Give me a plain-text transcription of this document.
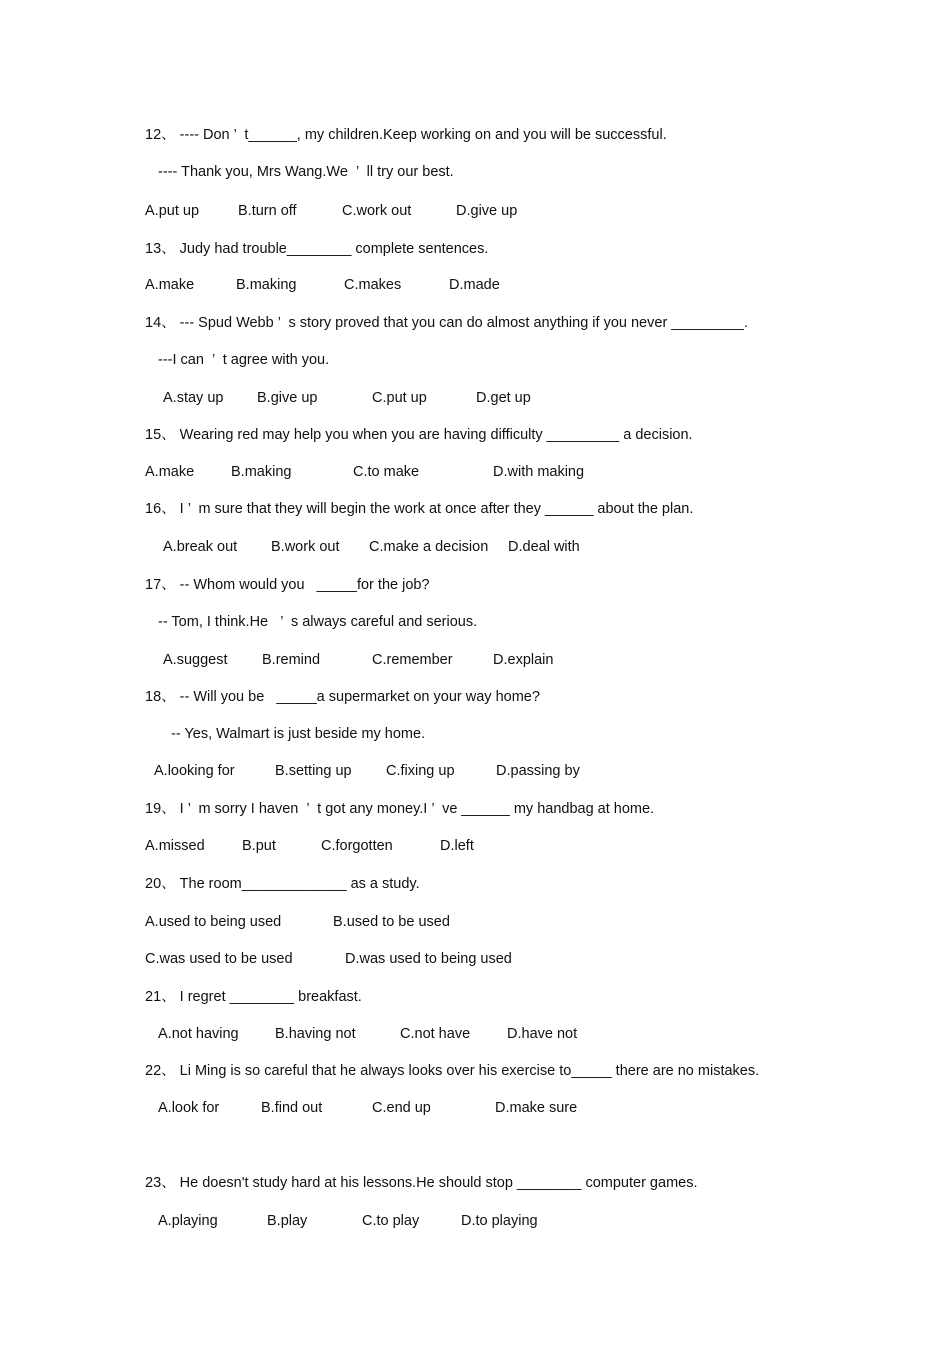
12、 ---- Don ’  t______, my children.Keep working on and you will be successful.
---- Thank you, Mrs Wang.We  ’  ll try our best.
A.put up	B.turn off	C.work out	D.give up
13、 Judy had trouble________ complete sentences.
A.make	B.making	C.makes	D.made
14、 --- Spud Webb ’  s story proved that you can do almost anything if you never _________.
---I can  ’  t agree with you.
A.stay up B.give up	C.put up	D.get up
15、 Wearing red may help you when you are having difficulty _________ a decision.
A.make	B.making	C.to make	D.with making
16、 I ’  m sure that they will begin the work at once after they ______ about the plan.
A.break out B.work out C.make a decision D.deal with
17、 -- Whom would you   _____for the job?
-- Tom, I think.He   ’  s always careful and serious.
A.suggest B.remind	C.remember	D.explain
18、 -- Will you be   _____a supermarket on your way home?
-- Yes, Walmart is just beside my home.
A.looking for	B.setting up C.fixing up	D.passing by
19、 I ’  m sorry I haven  ’  t got any money.I ’  ve ______ my handbag at home.
A.missed	B.put	C.forgotten	D.left
20、 The room_____________ as a study.
A.used to being used	B.used to be used
C.was used to be used	D.was used to being used
21、 I regret ________ breakfast.
A.not having	B.having not	C.not have	D.have not
22、 Li Ming is so careful that he always looks over his exercise to_____ there are no mistakes.
A.look for	B.find out	C.end up	D.make sure
23、 He doesn't study hard at his lessons.He should stop ________ computer games.
A.playing	B.play	C.to play	D.to playing
